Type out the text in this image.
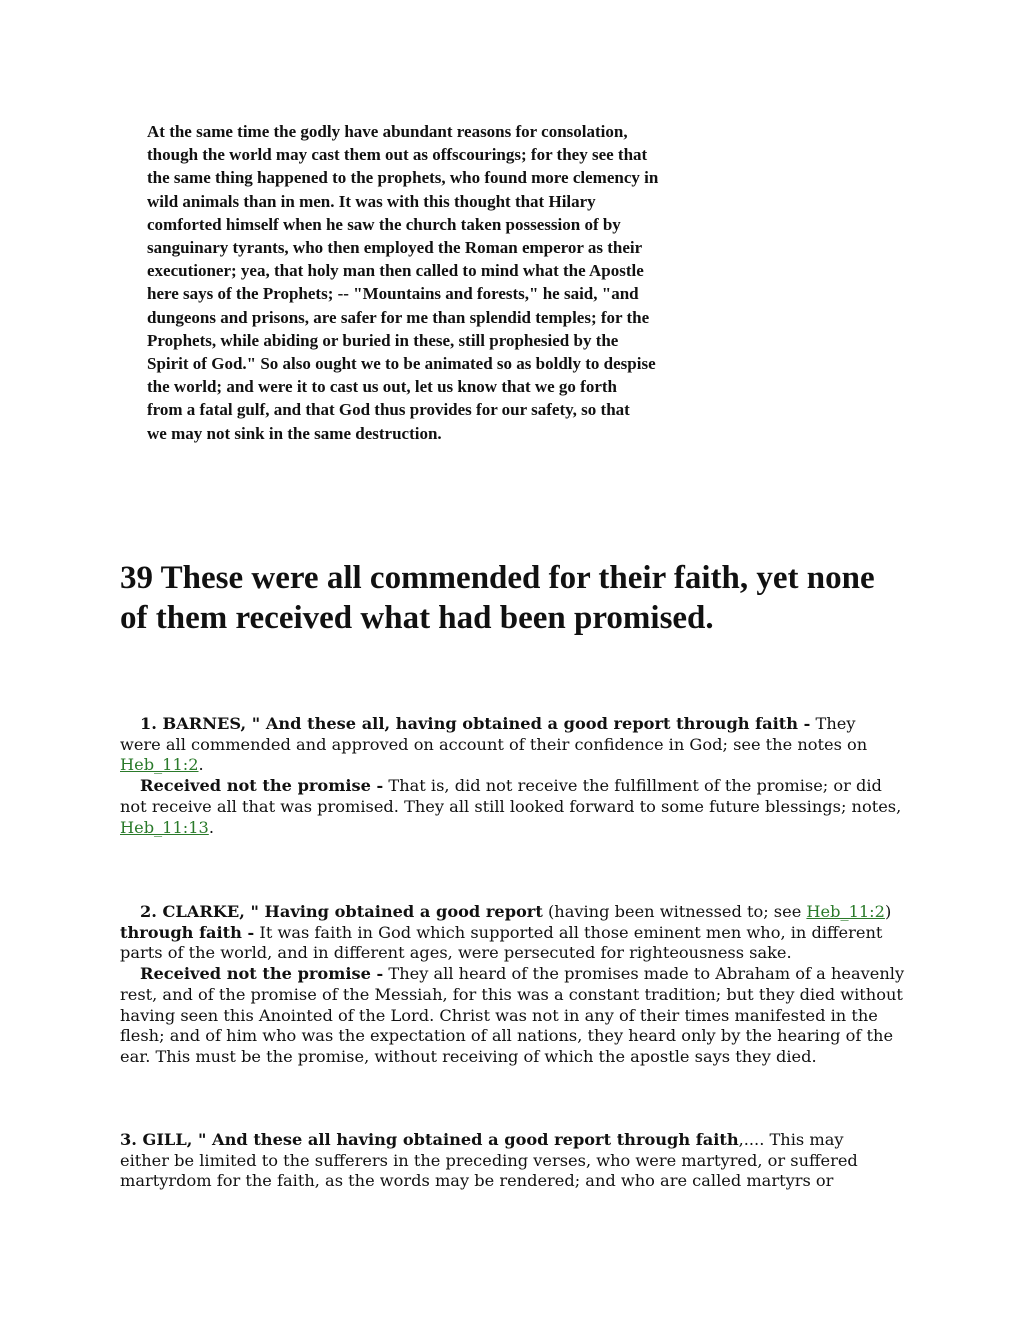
At the same time the godly have abundant reasons for consolation,
though the world may cast them out as offscourings; for they see that
the same thing happened to the prophets, who found more clemency in
wild animals than in men. It was with this thought that Hilary
comforted himself when he saw the church taken possession of by
sanguinary tyrants, who then employed the Roman emperor as their
executioner; yea, that holy man then called to mind what the Apostle
here says of the Prophets; -- "Mountains and forests," he said, "and
dungeons and prisons, are safer for me than splendid temples; for the
Prophets, while abiding or buried in these, still prophesied by the
Spirit of God." So also ought we to be animated so as boldly to despise
the world; and were it to cast us out, let us know that we go forth
from a fatal gulf, and that God thus provides for our safety, so that
we may not sink in the same destruction.
39 These were all commended for their faith, yet none
of them received what had been promised.
1. BARNES, " And these all, having obtained a good report through faith - They
were all commended and approved on account of their confidence in God; see the notes on
Heb_11:2.
Received not the promise - That is, did not receive the fulfillment of the promise; or did
not receive all that was promised. They all still looked forward to some future blessings; notes,
Heb_11:13.
2. CLARKE, " Having obtained a good report (having been witnessed to; see Heb_11:2)
through faith - It was faith in God which supported all those eminent men who, in different
parts of the world, and in different ages, were persecuted for righteousness sake.
Received not the promise - They all heard of the promises made to Abraham of a heavenly
rest, and of the promise of the Messiah, for this was a constant tradition; but they died without
having seen this Anointed of the Lord. Christ was not in any of their times manifested in the
flesh; and of him who was the expectation of all nations, they heard only by the hearing of the
ear. This must be the promise, without receiving of which the apostle says they died.
3. GILL, " And these all having obtained a good report through faith,.... This may
either be limited to the sufferers in the preceding verses, who were martyred, or suffered
martyrdom for the faith, as the words may be rendered; and who are called martyrs or
